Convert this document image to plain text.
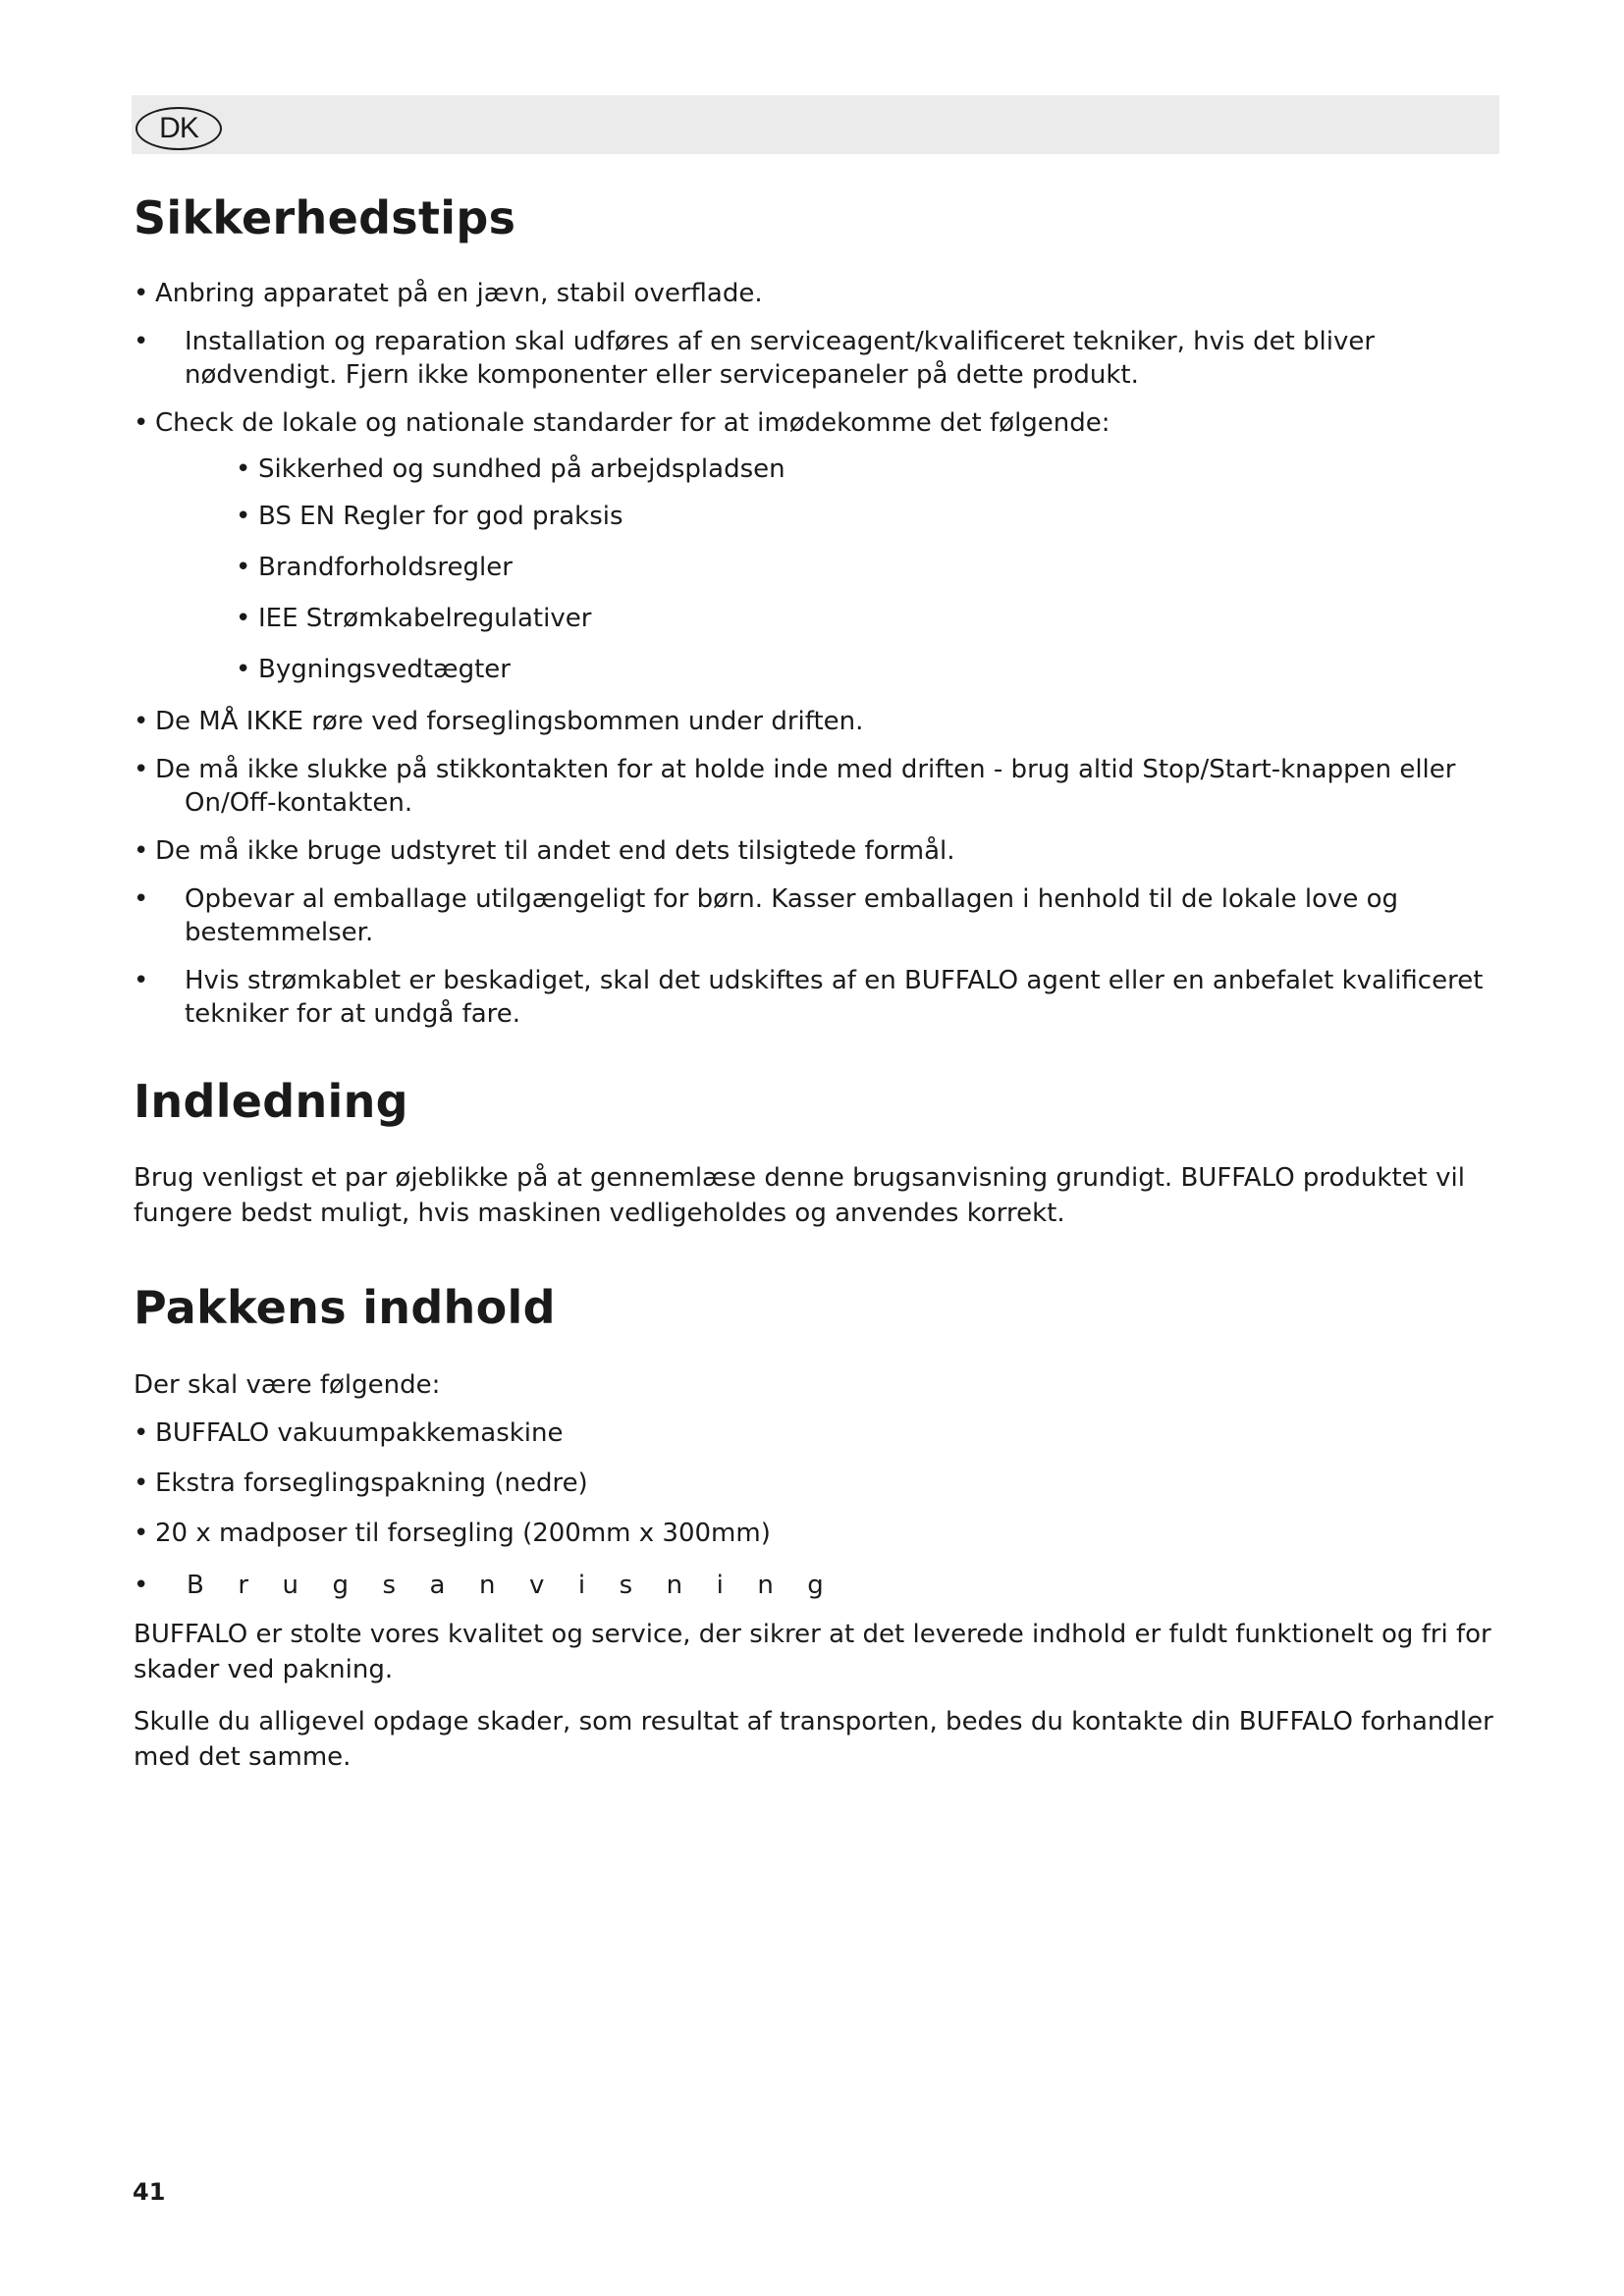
DK
Sikkerhedstips
• Anbring apparatet på en jævn, stabil overflade.

• Installation og reparation skal udføres af en serviceagent/kvalificeret tekniker, hvis det bliver

nødvendigt. Fjern ikke komponenter eller servicepaneler på dette produkt.

• Check de lokale og nationale standarder for at imødekomme det følgende:

• Sikkerhed og sundhed på arbejdspladsen

• BS EN Regler for god praksis

• Brandforholdsregler

• IEE Strømkabelregulativer

• Bygningsvedtægter

• De MÅ IKKE røre ved forseglingsbommen under driften.

• De må ikke slukke på stikkontakten for at holde inde med driften - brug altid Stop/Start-knappen eller

On/Off-kontakten.

• De må ikke bruge udstyret til andet end dets tilsigtede formål.

• Opbevar al emballage utilgængeligt for børn. Kasser emballagen i henhold til de lokale love og

bestemmelser.

• Hvis strømkablet er beskadiget, skal det udskiftes af en BUFFALO agent eller en anbefalet kvalificeret

tekniker for at undgå fare.

Indledning

Brug venligst et par øjeblikke på at gennemlæse denne brugsanvisning grundigt. BUFFALO produktet vil

fungere bedst muligt, hvis maskinen vedligeholdes og anvendes korrekt.

Pakkens indhold

Der skal være følgende:

• BUFFALO vakuumpakkemaskine

• Ekstra forseglingspakning (nedre)

• 20 x madposer til forsegling (200mm x 300mm)

• Brugsanvisning

BUFFALO er stolte vores kvalitet og service, der sikrer at det leverede indhold er fuldt funktionelt og fri for

skader ved pakning.

Skulle du alligevel opdage skader, som resultat af transporten, bedes du kontakte din BUFFALO forhandler

med det samme.

41
